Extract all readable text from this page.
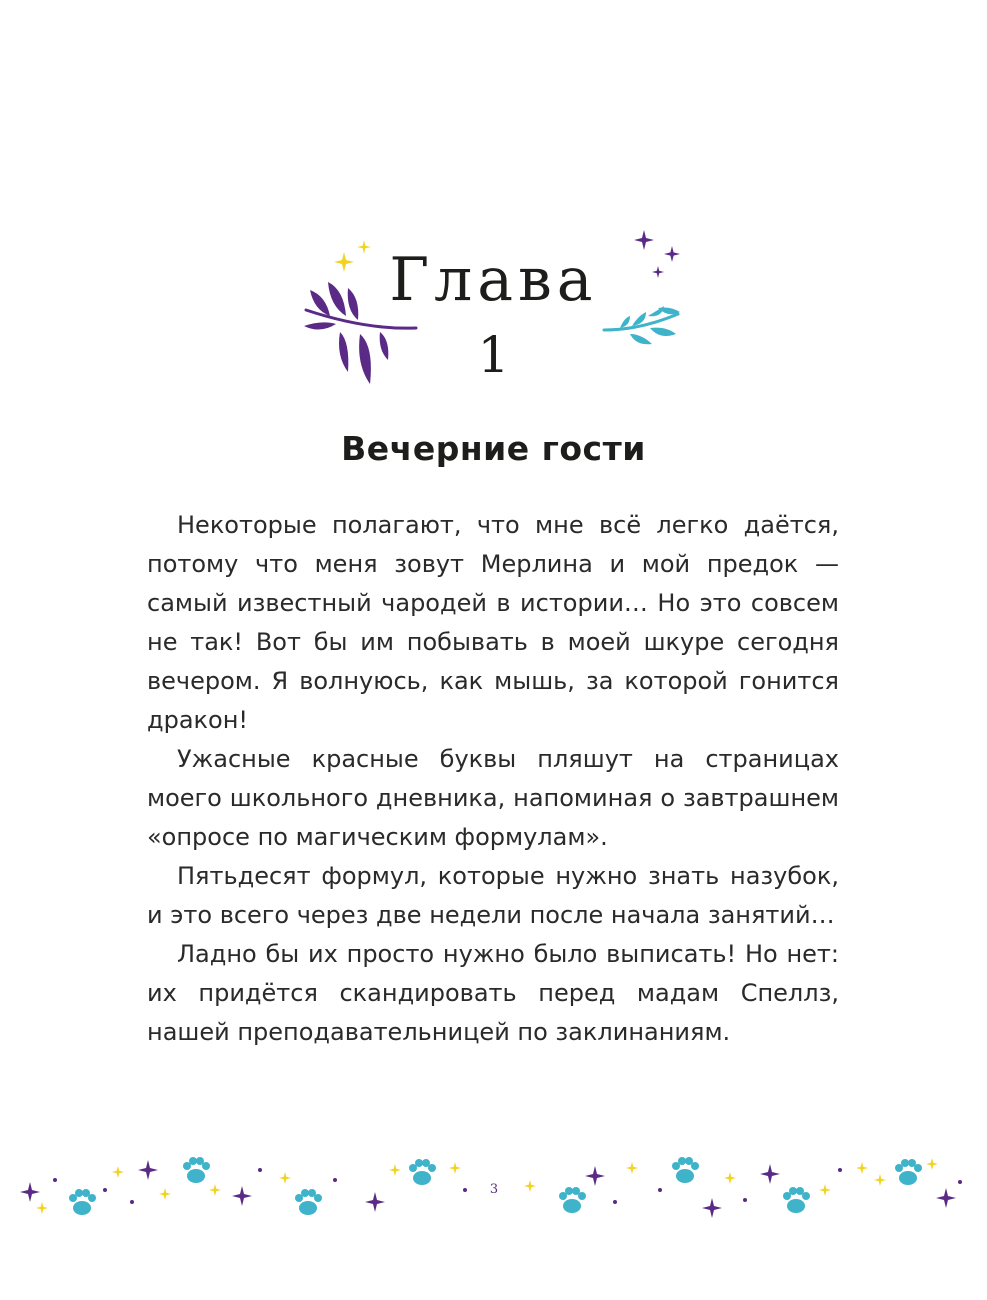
Глава
1
Вечерние гости

Некоторые полагают, что мне всё легко даётся, потому что меня зовут Мерлина и мой предок — самый известный чародей в истории… Но это совсем не так! Вот бы им побывать в моей шкуре сегодня вечером. Я волнуюсь, как мышь, за которой гонится дракон!

Ужасные красные буквы пляшут на страницах моего школьного дневника, напоминая о завтрашнем «опросе по магическим формулам».

Пятьдесят формул, которые нужно знать назубок, и это всего через две недели после начала занятий…

Ладно бы их просто нужно было выписать! Но нет: их придётся скандировать перед мадам Спеллз, нашей преподавательницей по заклинаниям.

3
